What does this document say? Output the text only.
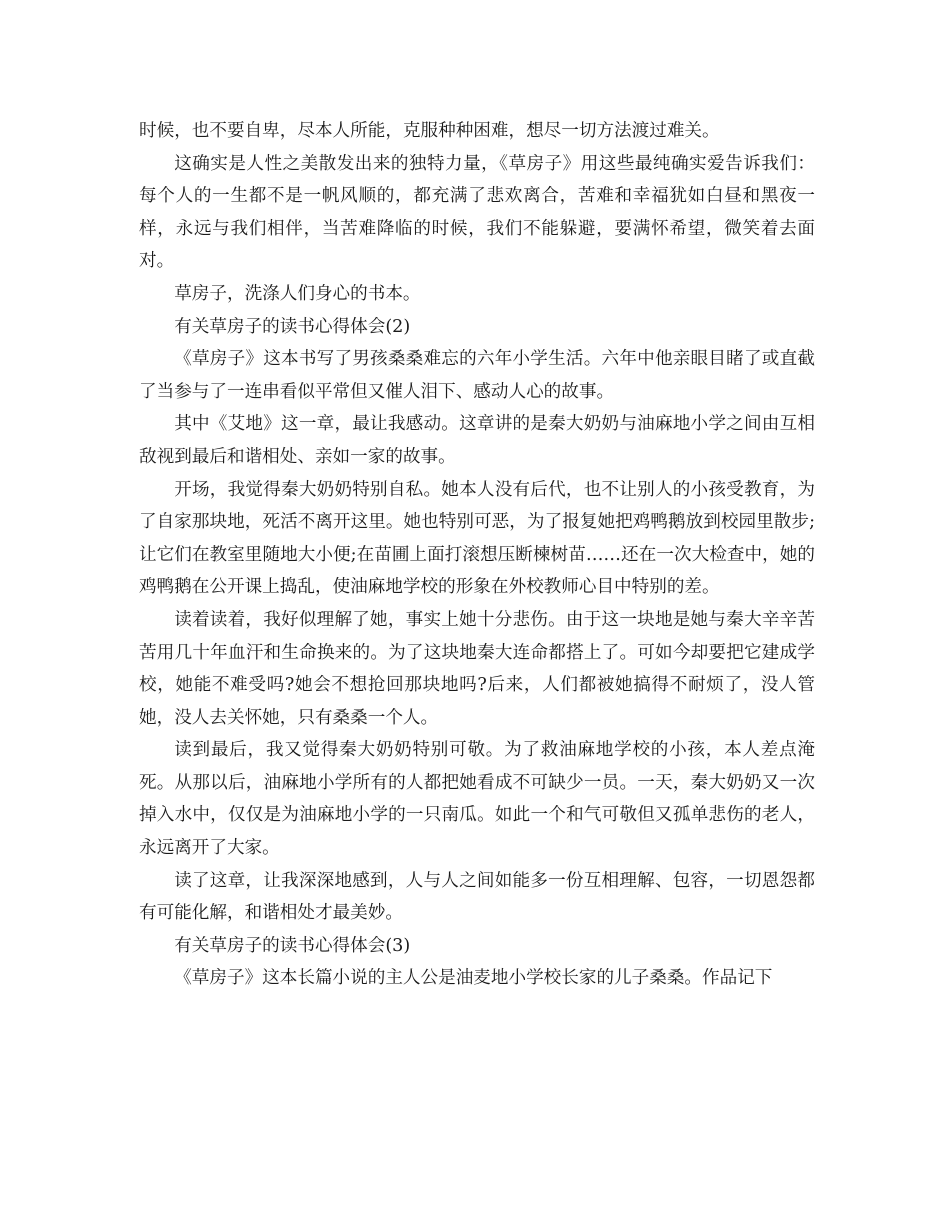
时候，也不要自卑，尽本人所能，克服种种困难，想尽一切方法渡过难关。

这确实是人性之美散发出来的独特力量，《草房子》用这些最纯确实爱告诉我们：每个人的一生都不是一帆风顺的，都充满了悲欢离合，苦难和幸福犹如白昼和黑夜一样，永远与我们相伴，当苦难降临的时候，我们不能躲避，要满怀希望，微笑着去面对。

草房子，洗涤人们身心的书本。

有关草房子的读书心得体会(2)

《草房子》这本书写了男孩桑桑难忘的六年小学生活。六年中他亲眼目睹了或直截了当参与了一连串看似平常但又催人泪下、感动人心的故事。

其中《艾地》这一章，最让我感动。这章讲的是秦大奶奶与油麻地小学之间由互相敌视到最后和谐相处、亲如一家的故事。

开场，我觉得秦大奶奶特别自私。她本人没有后代，也不让别人的小孩受教育，为了自家那块地，死活不离开这里。她也特别可恶，为了报复她把鸡鸭鹅放到校园里散步;让它们在教室里随地大小便;在苗圃上面打滚想压断楝树苗……还在一次大检查中，她的鸡鸭鹅在公开课上捣乱，使油麻地学校的形象在外校教师心目中特别的差。

读着读着，我好似理解了她，事实上她十分悲伤。由于这一块地是她与秦大辛辛苦苦用几十年血汗和生命换来的。为了这块地秦大连命都搭上了。可如今却要把它建成学校，她能不难受吗?她会不想抢回那块地吗?后来，人们都被她搞得不耐烦了，没人管她，没人去关怀她，只有桑桑一个人。

读到最后，我又觉得秦大奶奶特别可敬。为了救油麻地学校的小孩，本人差点淹死。从那以后，油麻地小学所有的人都把她看成不可缺少一员。一天，秦大奶奶又一次掉入水中，仅仅是为油麻地小学的一只南瓜。如此一个和气可敬但又孤单悲伤的老人，永远离开了大家。

读了这章，让我深深地感到，人与人之间如能多一份互相理解、包容，一切恩怨都有可能化解，和谐相处才最美妙。

有关草房子的读书心得体会(3)

《草房子》这本长篇小说的主人公是油麦地小学校长家的儿子桑桑。作品记下
